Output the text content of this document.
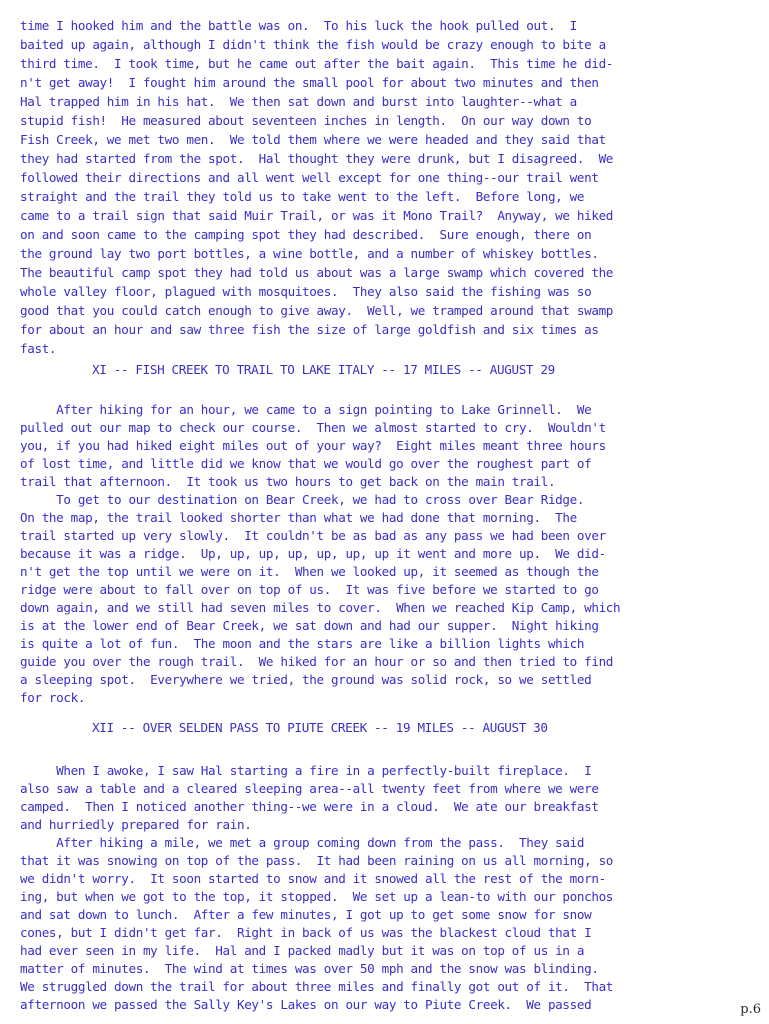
time I hooked him and the battle was on.  To his luck the hook pulled out.  I
baited up again, although I didn't think the fish would be crazy enough to bite a
third time.  I took time, but he came out after the bait again.  This time he did-
n't get away!  I fought him around the small pool for about two minutes and then
Hal trapped him in his hat.  We then sat down and burst into laughter--what a
stupid fish!  He measured about seventeen inches in length.  On our way down to
Fish Creek, we met two men.  We told them where we were headed and they said that
they had started from the spot.  Hal thought they were drunk, but I disagreed.  We
followed their directions and all went well except for one thing--our trail went
straight and the trail they told us to take went to the left.  Before long, we
came to a trail sign that said Muir Trail, or was it Mono Trail?  Anyway, we hiked
on and soon came to the camping spot they had described.  Sure enough, there on
the ground lay two port bottles, a wine bottle, and a number of whiskey bottles.
The beautiful camp spot they had told us about was a large swamp which covered the
whole valley floor, plagued with mosquitoes.  They also said the fishing was so
good that you could catch enough to give away.  Well, we tramped around that swamp
for about an hour and saw three fish the size of large goldfish and six times as
fast.
XI -- FISH CREEK TO TRAIL TO LAKE ITALY -- 17 MILES -- AUGUST 29
After hiking for an hour, we came to a sign pointing to Lake Grinnell.  We
pulled out our map to check our course.  Then we almost started to cry.  Wouldn't
you, if you had hiked eight miles out of your way?  Eight miles meant three hours
of lost time, and little did we know that we would go over the roughest part of
trail that afternoon.  It took us two hours to get back on the main trail.
To get to our destination on Bear Creek, we had to cross over Bear Ridge.
On the map, the trail looked shorter than what we had done that morning.  The
trail started up very slowly.  It couldn't be as bad as any pass we had been over
because it was a ridge.  Up, up, up, up, up, up, up it went and more up.  We did-
n't get the top until we were on it.  When we looked up, it seemed as though the
ridge were about to fall over on top of us.  It was five before we started to go
down again, and we still had seven miles to cover.  When we reached Kip Camp, which
is at the lower end of Bear Creek, we sat down and had our supper.  Night hiking
is quite a lot of fun.  The moon and the stars are like a billion lights which
guide you over the rough trail.  We hiked for an hour or so and then tried to find
a sleeping spot.  Everywhere we tried, the ground was solid rock, so we settled
for rock.
XII -- OVER SELDEN PASS TO PIUTE CREEK -- 19 MILES -- AUGUST 30
When I awoke, I saw Hal starting a fire in a perfectly-built fireplace.  I
also saw a table and a cleared sleeping area--all twenty feet from where we were
camped.  Then I noticed another thing--we were in a cloud.  We ate our breakfast
and hurriedly prepared for rain.
After hiking a mile, we met a group coming down from the pass.  They said
that it was snowing on top of the pass.  It had been raining on us all morning, so
we didn't worry.  It soon started to snow and it snowed all the rest of the morn-
ing, but when we got to the top, it stopped.  We set up a lean-to with our ponchos
and sat down to lunch.  After a few minutes, I got up to get some snow for snow
cones, but I didn't get far.  Right in back of us was the blackest cloud that I
had ever seen in my life.  Hal and I packed madly but it was on top of us in a
matter of minutes.  The wind at times was over 50 mph and the snow was blinding.
We struggled down the trail for about three miles and finally got out of it.  That
afternoon we passed the Sally Key's Lakes on our way to Piute Creek.  We passed	p.6
